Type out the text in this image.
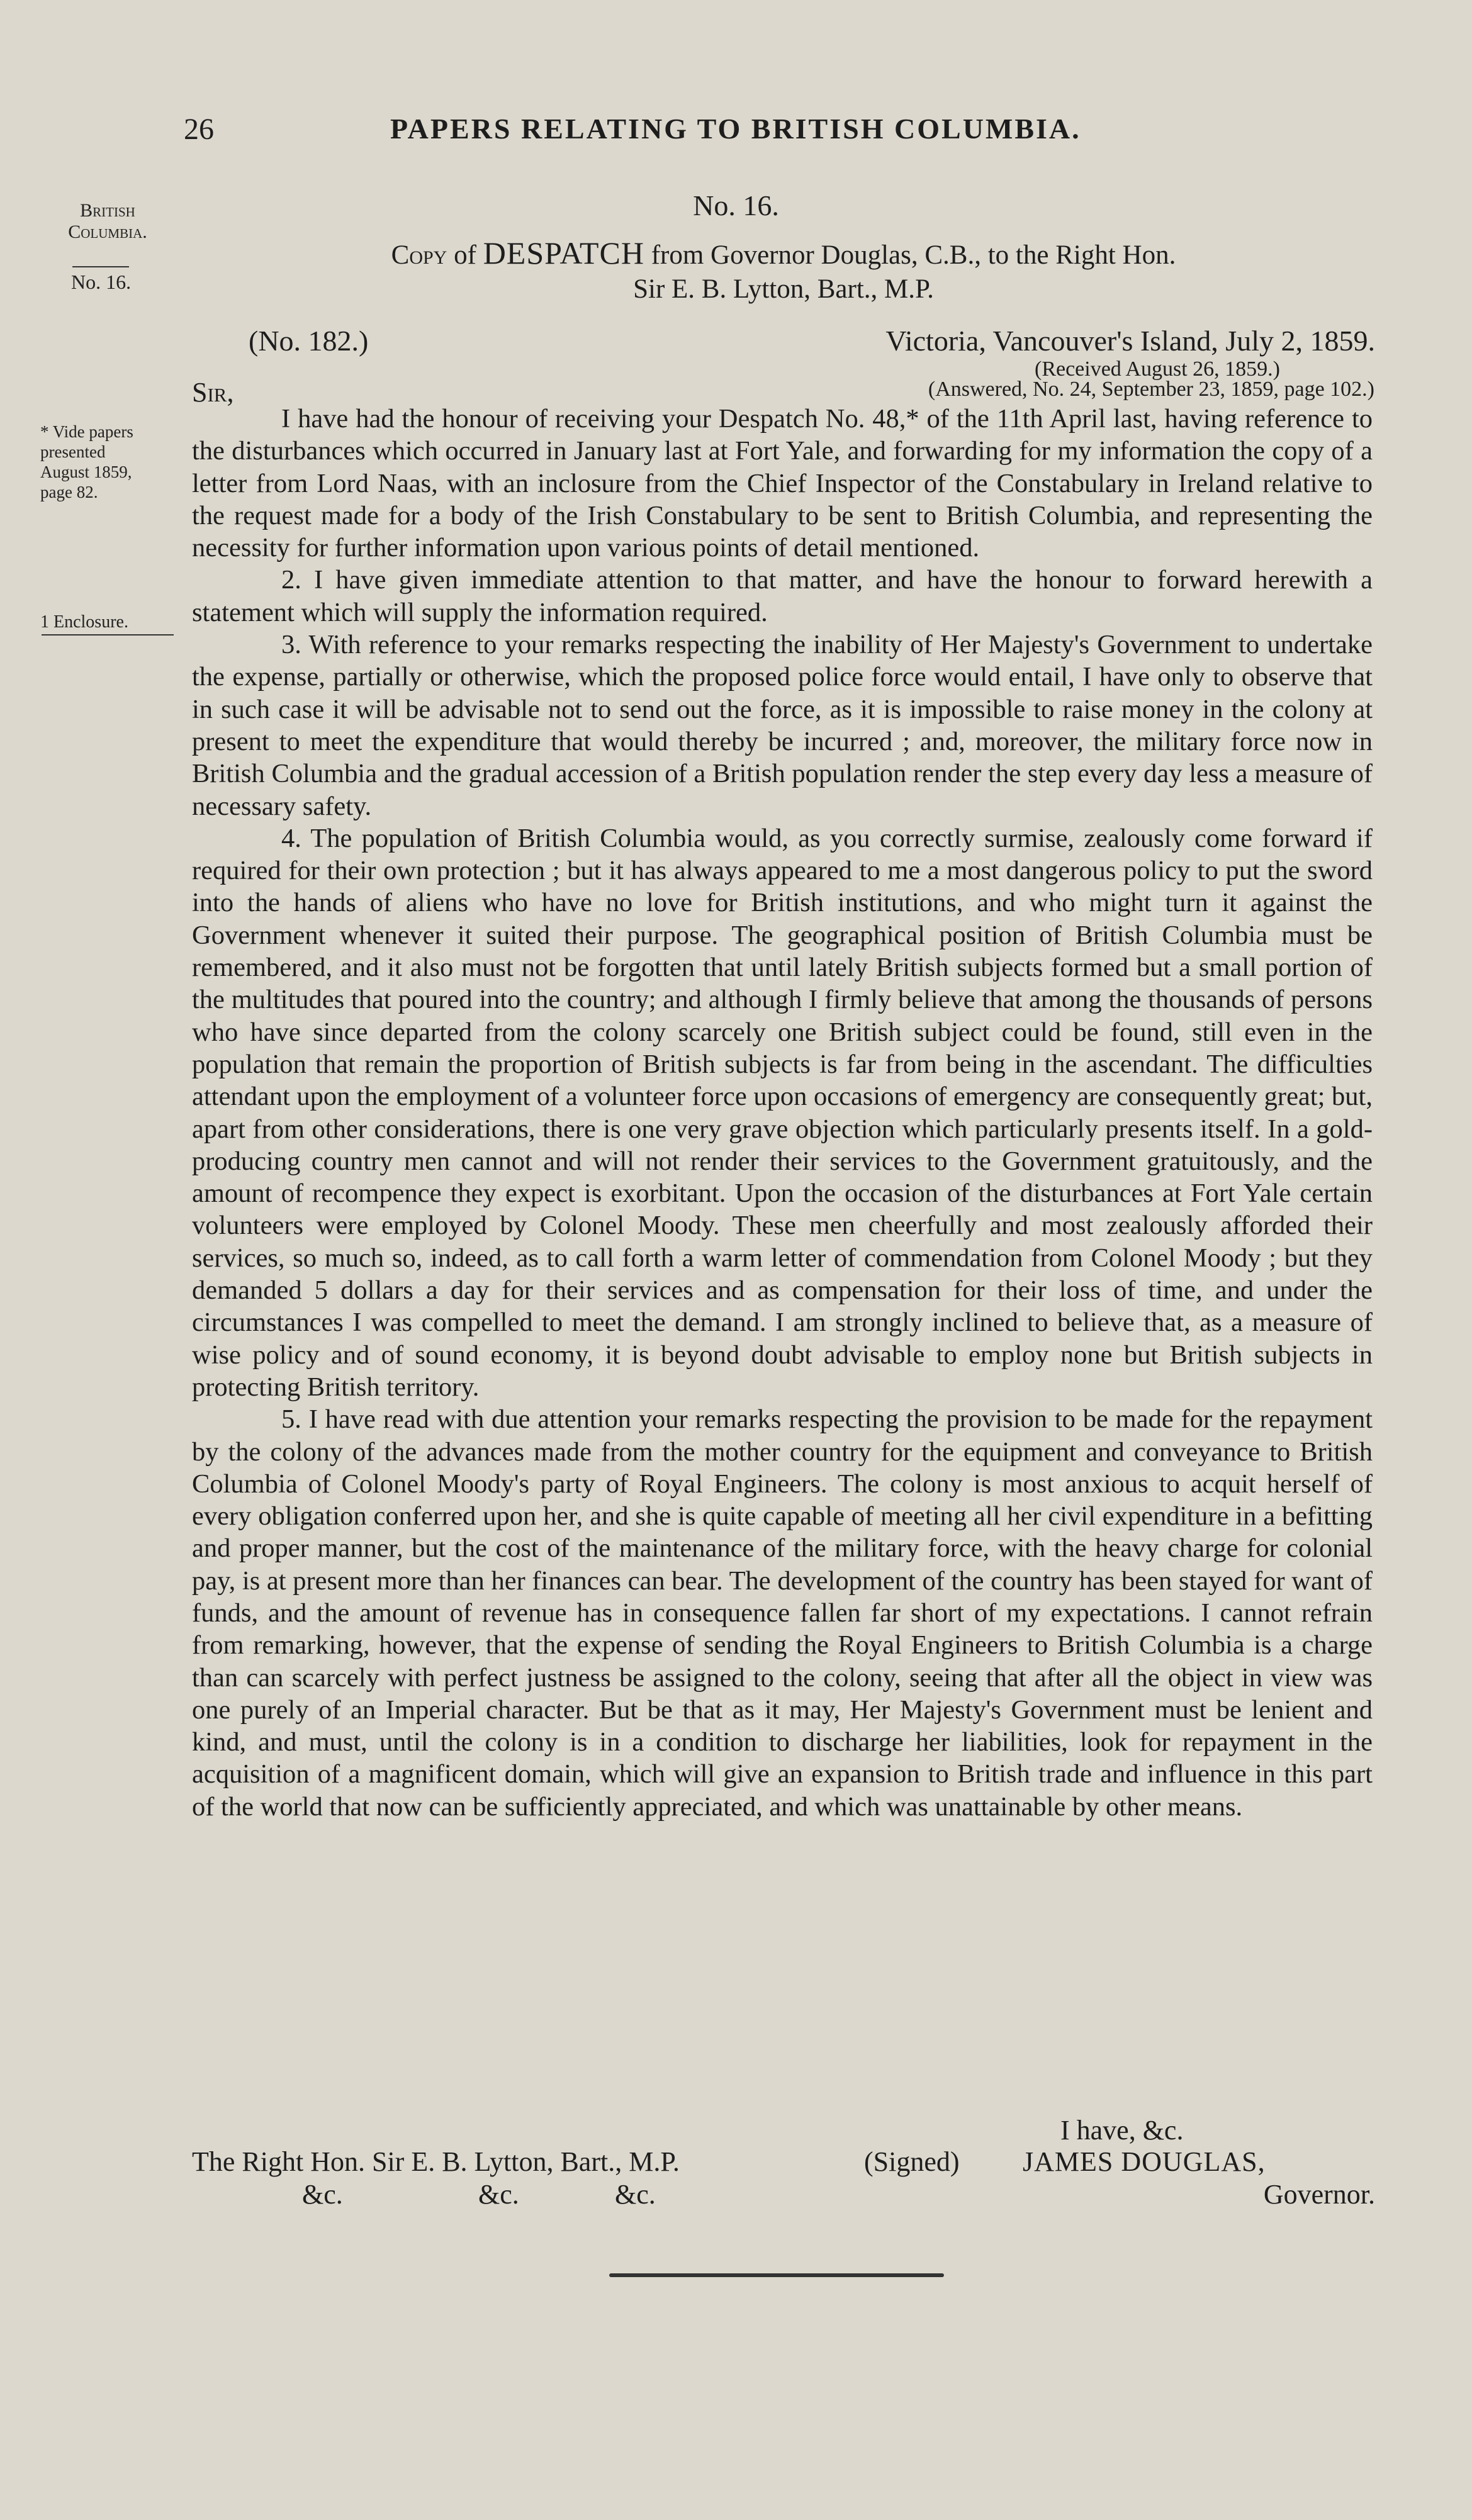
26	PAPERS RELATING TO BRITISH COLUMBIA.
British
Columbia.
No. 16.
* Vide papers
presented
August 1859,
page 82.
1 Enclosure.
No. 16.
Copy of DESPATCH from Governor Douglas, C.B., to the Right Hon.
Sir E. B. Lytton, Bart., M.P.
(No. 182.)	Victoria, Vancouver's Island, July 2, 1859.
(Received August 26, 1859.)
(Answered, No. 24, September 23, 1859, page 102.)
Sir,

I have had the honour of receiving your Despatch No. 48,* of the 11th April last, having reference to the disturbances which occurred in January last at Fort Yale, and forwarding for my information the copy of a letter from Lord Naas, with an inclosure from the Chief Inspector of the Constabulary in Ireland relative to the request made for a body of the Irish Constabulary to be sent to British Columbia, and representing the necessity for further information upon various points of detail mentioned.

2. I have given immediate attention to that matter, and have the honour to forward herewith a statement which will supply the information required.

3. With reference to your remarks respecting the inability of Her Majesty's Government to undertake the expense, partially or otherwise, which the proposed police force would entail, I have only to observe that in such case it will be advisable not to send out the force, as it is impossible to raise money in the colony at present to meet the expenditure that would thereby be incurred ; and, moreover, the military force now in British Columbia and the gradual accession of a British population render the step every day less a measure of necessary safety.

4. The population of British Columbia would, as you correctly surmise, zealously come forward if required for their own protection ; but it has always appeared to me a most dangerous policy to put the sword into the hands of aliens who have no love for British institutions, and who might turn it against the Government whenever it suited their purpose. The geographical position of British Columbia must be remembered, and it also must not be forgotten that until lately British subjects formed but a small portion of the multitudes that poured into the country; and although I firmly believe that among the thousands of persons who have since departed from the colony scarcely one British subject could be found, still even in the population that remain the proportion of British subjects is far from being in the ascendant. The difficulties attendant upon the employment of a volunteer force upon occasions of emergency are consequently great; but, apart from other considerations, there is one very grave objection which particularly presents itself. In a gold-producing country men cannot and will not render their services to the Government gratuitously, and the amount of recompence they expect is exorbitant. Upon the occasion of the disturbances at Fort Yale certain volunteers were employed by Colonel Moody. These men cheerfully and most zealously afforded their services, so much so, indeed, as to call forth a warm letter of commendation from Colonel Moody ; but they demanded 5 dollars a day for their services and as compensation for their loss of time, and under the circumstances I was compelled to meet the demand. I am strongly inclined to believe that, as a measure of wise policy and of sound economy, it is beyond doubt advisable to employ none but British subjects in protecting British territory.

5. I have read with due attention your remarks respecting the provision to be made for the repayment by the colony of the advances made from the mother country for the equipment and conveyance to British Columbia of Colonel Moody's party of Royal Engineers. The colony is most anxious to acquit herself of every obligation conferred upon her, and she is quite capable of meeting all her civil expenditure in a befitting and proper manner, but the cost of the maintenance of the military force, with the heavy charge for colonial pay, is at present more than her finances can bear. The development of the country has been stayed for want of funds, and the amount of revenue has in consequence fallen far short of my expectations. I cannot refrain from remarking, however, that the expense of sending the Royal Engineers to British Columbia is a charge than can scarcely with perfect justness be assigned to the colony, seeing that after all the object in view was one purely of an Imperial character. But be that as it may, Her Majesty's Government must be lenient and kind, and must, until the colony is in a condition to discharge her liabilities, look for repayment in the acquisition of a magnificent domain, which will give an expansion to British trade and influence in this part of the world that now can be sufficiently appreciated, and which was unattainable by other means.

I have, &c.
The Right Hon. Sir E. B. Lytton, Bart., M.P.	(Signed) JAMES DOUGLAS,
&c.	&c.	&c.	Governor.
